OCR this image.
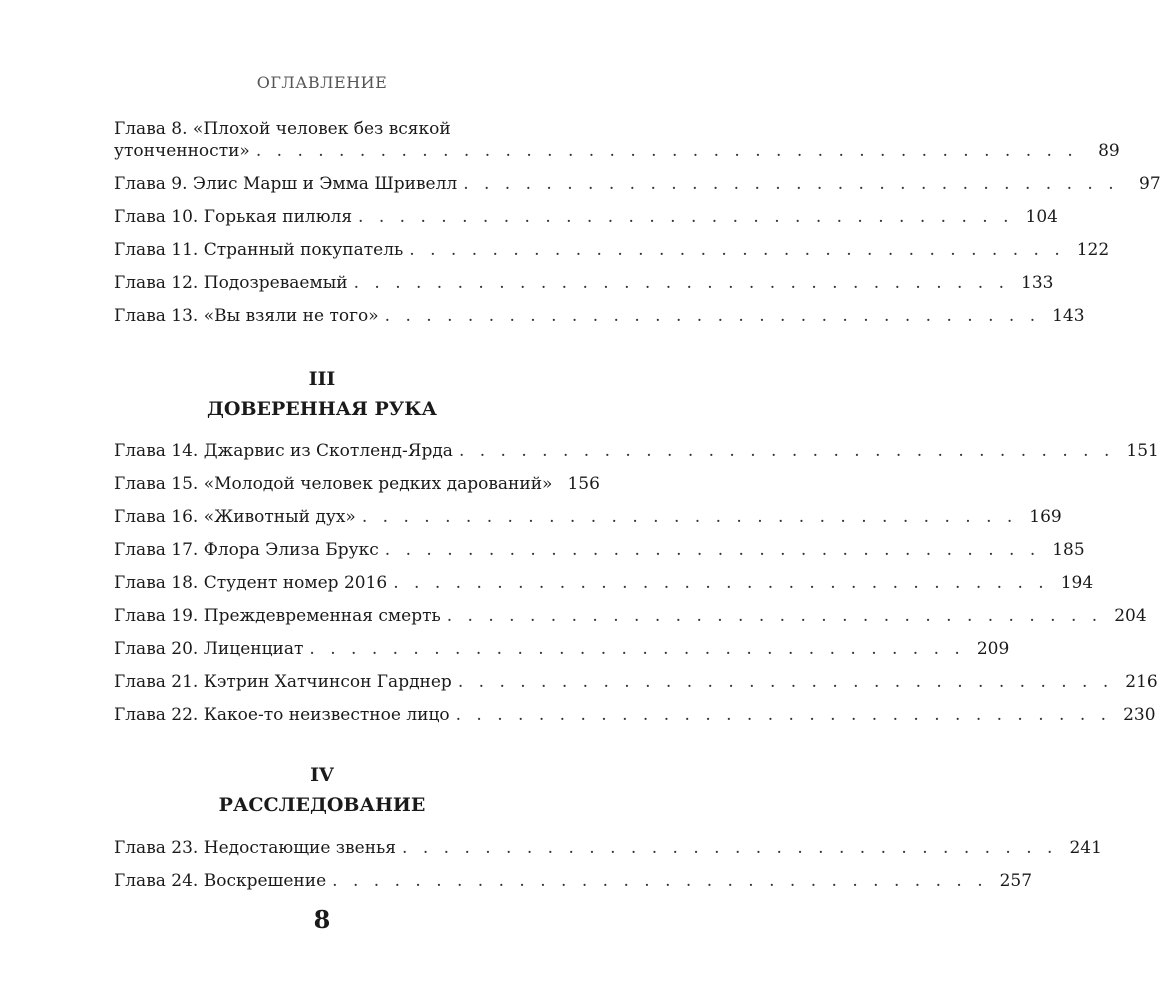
ОГЛАВЛЕНИЕ
Глава 8. «Плохой человек без всякой
утонченности» . . . . . . . . . . . . . . . . . . . . . . . . . . . . . . . . . . . . . . . .	89
Глава 9. Элис Марш и Эмма Шривелл . . . . . . . . . . . . . . . . . . . . . . . . . . . . . . . .	97
Глава 10. Горькая пилюля . . . . . . . . . . . . . . . . . . . . . . . . . . . . . . . . 104
Глава 11. Странный покупатель . . . . . . . . . . . . . . . . . . . . . . . . . . . . . . . . 122
Глава 12. Подозреваемый . . . . . . . . . . . . . . . . . . . . . . . . . . . . . . . . 133
Глава 13. «Вы взяли не того» . . . . . . . . . . . . . . . . . . . . . . . . . . . . . . . . 143
III
ДОВЕРЕННАЯ РУКА
Глава 14. Джарвис из Скотленд-Ярда . . . . . . . . . . . . . . . . . . . . . . . . . . . . . . . . 151
Глава 15. «Молодой человек редких дарований» 156
Глава 16. «Животный дух» . . . . . . . . . . . . . . . . . . . . . . . . . . . . . . . . 169
Глава 17. Флора Элиза Брукс . . . . . . . . . . . . . . . . . . . . . . . . . . . . . . . . 185
Глава 18. Студент номер 2016 . . . . . . . . . . . . . . . . . . . . . . . . . . . . . . . . 194
Глава 19. Преждевременная смерть . . . . . . . . . . . . . . . . . . . . . . . . . . . . . . . . 204
Глава 20. Лиценциат . . . . . . . . . . . . . . . . . . . . . . . . . . . . . . . . 209
Глава 21. Кэтрин Хатчинсон Гарднер . . . . . . . . . . . . . . . . . . . . . . . . . . . . . . . . 216
Глава 22. Какое-то неизвестное лицо . . . . . . . . . . . . . . . . . . . . . . . . . . . . . . . . 230
IV
РАССЛЕДОВАНИЕ
Глава 23. Недостающие звенья . . . . . . . . . . . . . . . . . . . . . . . . . . . . . . . . 241
Глава 24. Воскрешение . . . . . . . . . . . . . . . . . . . . . . . . . . . . . . . . 257
8
